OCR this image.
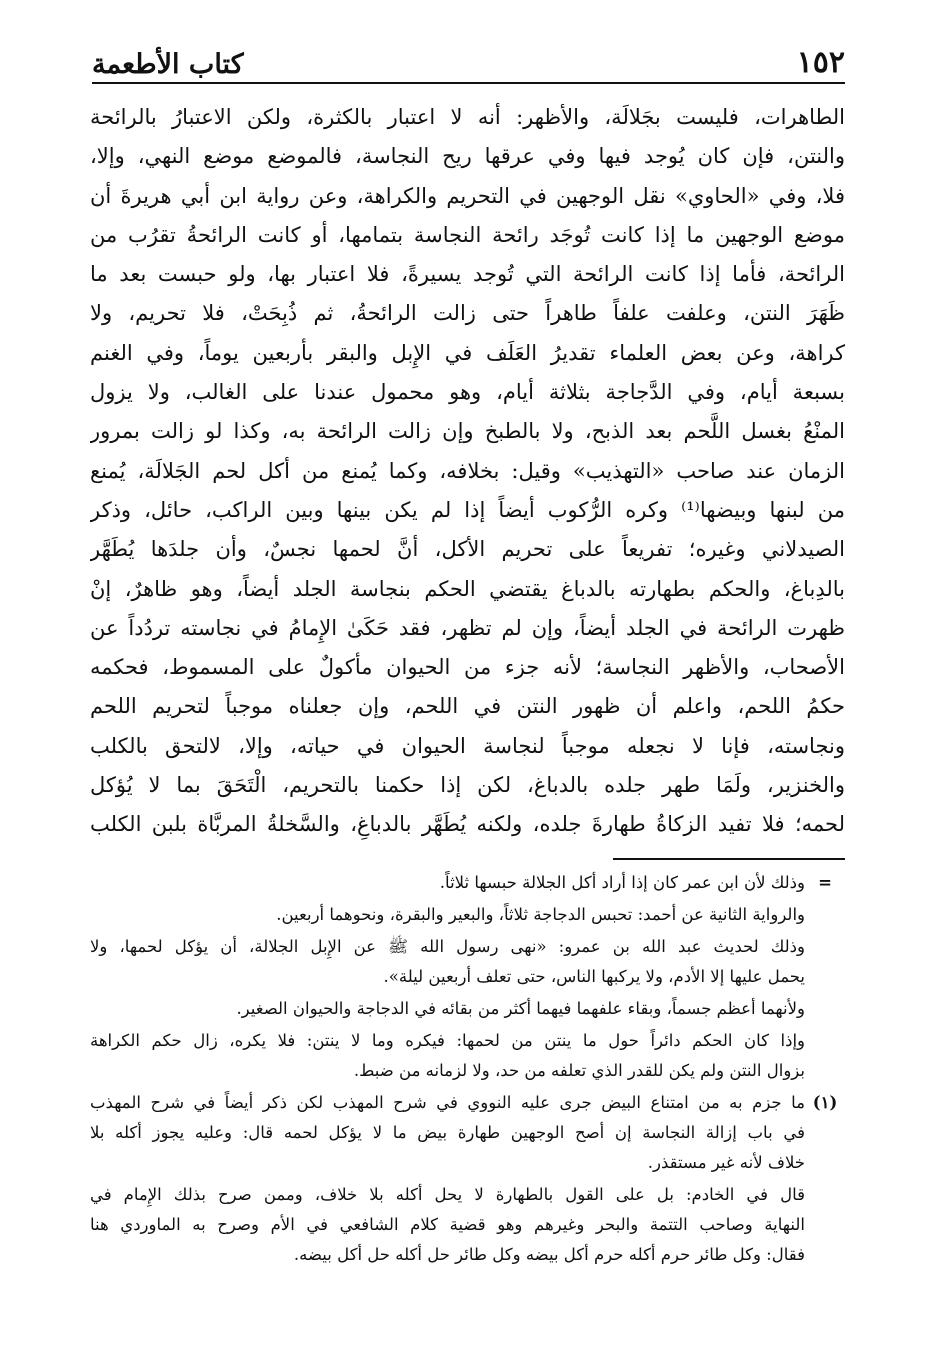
١٥٢
كتاب الأطعمة
الطاهرات، فليست بجَلالَة، والأظهر: أنه لا اعتبار بالكثرة، ولكن الاعتبارُ بالرائحة
والنتن، فإن كان يُوجد فيها وفي عرقها ريح النجاسة، فالموضع موضع النهي، وإلا،
فلا، وفي «الحاوي» نقل الوجهين في التحريم والكراهة، وعن رواية ابن أبي هريرةَ أن
موضع الوجهين ما إذا كانت تُوجَد رائحة النجاسة بتمامها، أو كانت الرائحةُ تقرُب من
الرائحة، فأما إذا كانت الرائحة التي تُوجد يسيرةً، فلا اعتبار بها، ولو حبست بعد ما
ظَهَرَ النتن، وعلفت علفاً طاهراً حتى زالت الرائحةُ، ثم ذُبِحَتْ، فلا تحريم، ولا
كراهة، وعن بعض العلماء تقديرُ العَلَف في الإِبل والبقر بأربعين يوماً، وفي الغنم
بسبعة أيام، وفي الدَّجاجة بثلاثة أيام، وهو محمول عندنا على الغالب، ولا يزول
المنْعُ بغسل اللَّحم بعد الذبح، ولا بالطبخ وإن زالت الرائحة به، وكذا لو زالت بمرور
الزمان عند صاحب «التهذيب» وقيل: بخلافه، وكما يُمنع من أكل لحم الجَلالَة، يُمنع
من لبنها وبيضها⁽¹⁾ وكره الرُّكوب أيضاً إذا لم يكن بينها وبين الراكب، حائل، وذكر
الصيدلاني وغيره؛ تفريعاً على تحريم الأكل، أنَّ لحمها نجسٌ، وأن جلدَها يُطَهَّر
بالدِباغ، والحكم بطهارته بالدباغ يقتضي الحكم بنجاسة الجلد أيضاً، وهو ظاهرٌ، إنْ
ظهرت الرائحة في الجلد أيضاً، وإن لم تظهر، فقد حَكَىٰ الإِمامُ في نجاسته تردُداً عن
الأصحاب، والأظهر النجاسة؛ لأنه جزء من الحيوان مأكولٌ على المسموط، فحكمه
حكمُ اللحم، واعلم أن ظهور النتن في اللحم، وإن جعلناه موجباً لتحريم اللحم
ونجاسته، فإنا لا نجعله موجباً لنجاسة الحيوان في حياته، وإلا، لالتحق بالكلب
والخنزير، ولَمَا طهر جلده بالدباغ، لكن إذا حكمنا بالتحريم، الْتَحَقَ بما لا يُؤكل
لحمه؛ فلا تفيد الزكاةُ طهارةَ جلده، ولكنه يُطَهَّر بالدباغِ، والسَّخلةُ المربَّاة بلبن الكلب
=
وذلك لأن ابن عمر كان إذا أراد أكل الجلالة حبسها ثلاثاً.
والرواية الثانية عن أحمد: تحبس الدجاجة ثلاثاً، والبعير والبقرة، ونحوهما أربعين.
وذلك لحديث عبد الله بن عمرو: «نهى رسول الله ﷺ عن الإِبل الجلالة، أن يؤكل لحمها، ولا
يحمل عليها إلا الأدم، ولا يركبها الناس، حتى تعلف أربعين ليلة».
ولأنهما أعظم جسماً، وبقاء علفهما فيهما أكثر من بقائه في الدجاجة والحيوان الصغير.
وإذا كان الحكم دائراً حول ما ينتن من لحمها: فيكره وما لا ينتن: فلا يكره، زال حكم الكراهة
بزوال النتن ولم يكن للقدر الذي تعلفه من حد، ولا لزمانه من ضبط.
(١)
ما جزم به من امتناع البيض جرى عليه النووي في شرح المهذب لكن ذكر أيضاً في شرح المهذب
في باب إزالة النجاسة إن أصح الوجهين طهارة بيض ما لا يؤكل لحمه قال: وعليه يجوز أكله بلا
خلاف لأنه غير مستقذر.
قال في الخادم: بل على القول بالطهارة لا يحل أكله بلا خلاف، وممن صرح بذلك الإِمام في
النهاية وصاحب التتمة والبحر وغيرهم وهو قضية كلام الشافعي في الأم وصرح به الماوردي هنا
فقال: وكل طائر حرم أكله حرم أكل بيضه وكل طائر حل أكله حل أكل بيضه.
